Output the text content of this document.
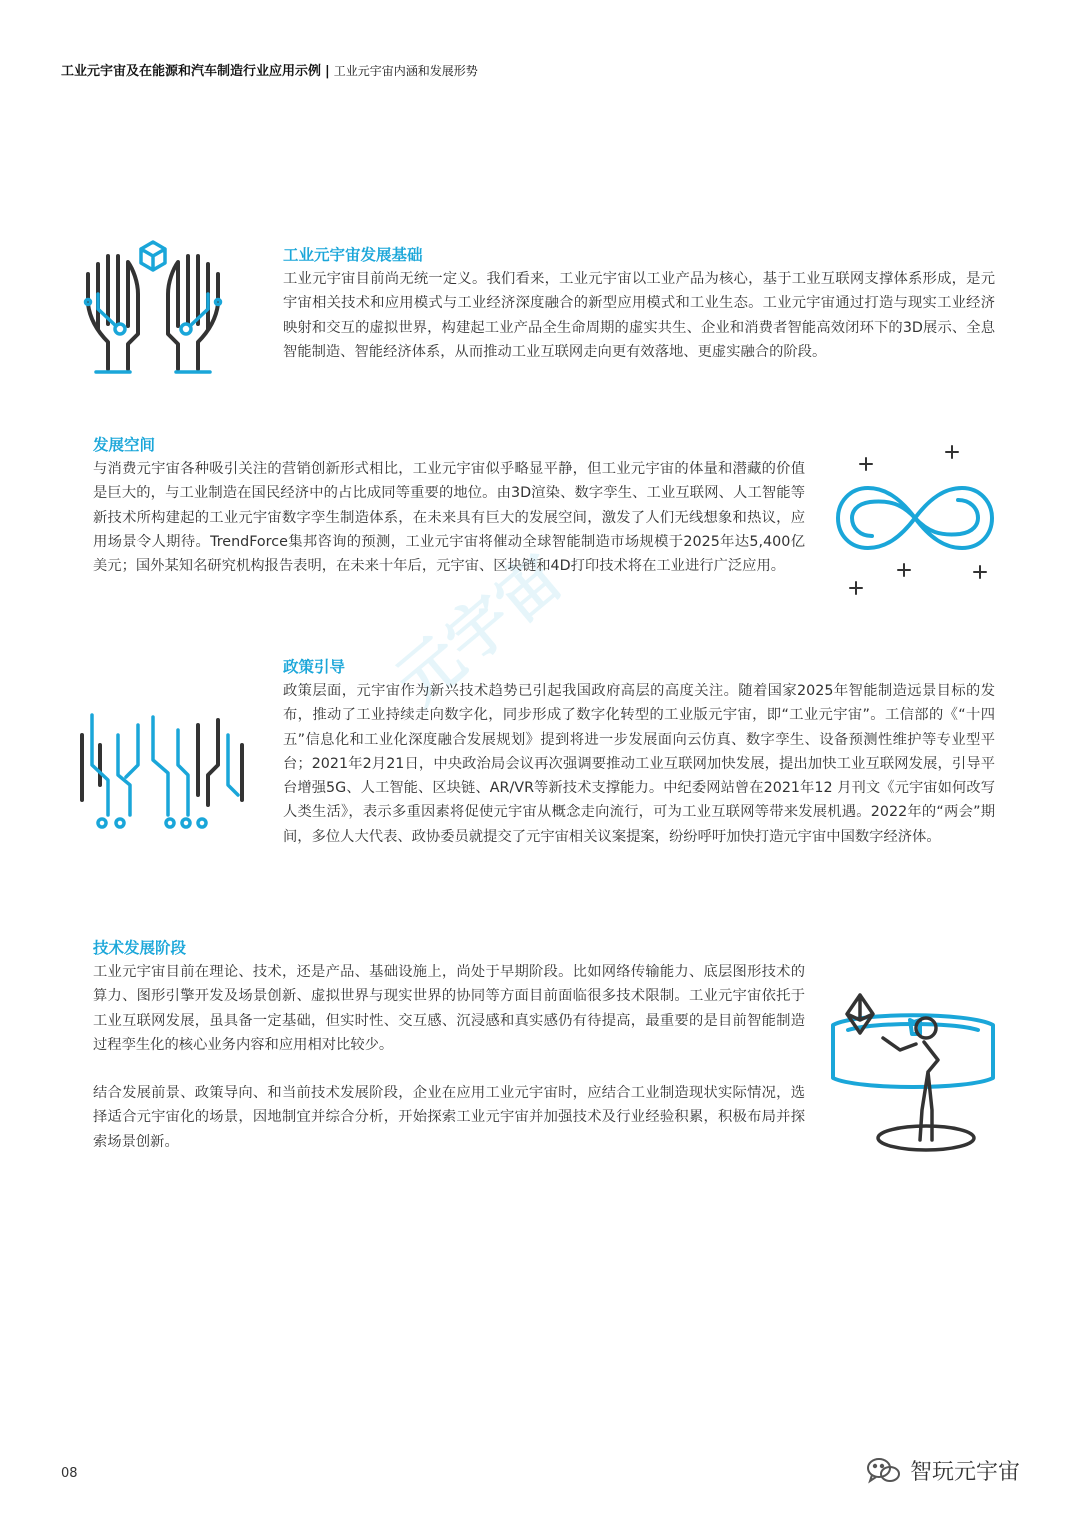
工业元宇宙及在能源和汽车制造行业应用示例 | 工业元宇宙内涵和发展形势
元宇宙
工业元宇宙发展基础

工业元宇宙目前尚无统一定义。我们看来，工业元宇宙以工业产品为核心，基于工业互联网支撑体系形成，是元宇宙相关技术和应用模式与工业经济深度融合的新型应用模式和工业生态。工业元宇宙通过打造与现实工业经济映射和交互的虚拟世界，构建起工业产品全生命周期的虚实共生、企业和消费者智能高效闭环下的3D展示、全息智能制造、智能经济体系，从而推动工业互联网走向更有效落地、更虚实融合的阶段。

发展空间

与消费元宇宙各种吸引关注的营销创新形式相比，工业元宇宙似乎略显平静，但工业元宇宙的体量和潜藏的价值是巨大的，与工业制造在国民经济中的占比成同等重要的地位。由3D渲染、数字孪生、工业互联网、人工智能等新技术所构建起的工业元宇宙数字孪生制造体系，在未来具有巨大的发展空间，激发了人们无线想象和热议，应用场景令人期待。TrendForce集邦咨询的预测，工业元宇宙将催动全球智能制造市场规模于2025年达5,400亿美元；国外某知名研究机构报告表明，在未来十年后，元宇宙、区块链和4D打印技术将在工业进行广泛应用。

政策引导

政策层面，元宇宙作为新兴技术趋势已引起我国政府高层的高度关注。随着国家2025年智能制造远景目标的发布，推动了工业持续走向数字化，同步形成了数字化转型的工业版元宇宙，即“工业元宇宙”。工信部的《“十四五”信息化和工业化深度融合发展规划》提到将进一步发展面向云仿真、数字孪生、设备预测性维护等专业型平台；2021年2月21日，中央政治局会议再次强调要推动工业互联网加快发展，提出加快工业互联网发展，引导平台增强5G、人工智能、区块链、AR/VR等新技术支撑能力。中纪委网站曾在2021年12 月刊文《元宇宙如何改写人类生活》，表示多重因素将促使元宇宙从概念走向流行，可为工业互联网等带来发展机遇。2022年的“两会”期间，多位人大代表、政协委员就提交了元宇宙相关议案提案，纷纷呼吁加快打造元宇宙中国数字经济体。

技术发展阶段

工业元宇宙目前在理论、技术，还是产品、基础设施上，尚处于早期阶段。比如网络传输能力、底层图形技术的算力、图形引擎开发及场景创新、虚拟世界与现实世界的协同等方面目前面临很多技术限制。工业元宇宙依托于工业互联网发展，虽具备一定基础，但实时性、交互感、沉浸感和真实感仍有待提高，最重要的是目前智能制造过程孪生化的核心业务内容和应用相对比较少。

结合发展前景、政策导向、和当前技术发展阶段，企业在应用工业元宇宙时，应结合工业制造现状实际情况，选择适合元宇宙化的场景，因地制宜并综合分析，开始探索工业元宇宙并加强技术及行业经验积累，积极布局并探索场景创新。

08	智玩元宇宙
